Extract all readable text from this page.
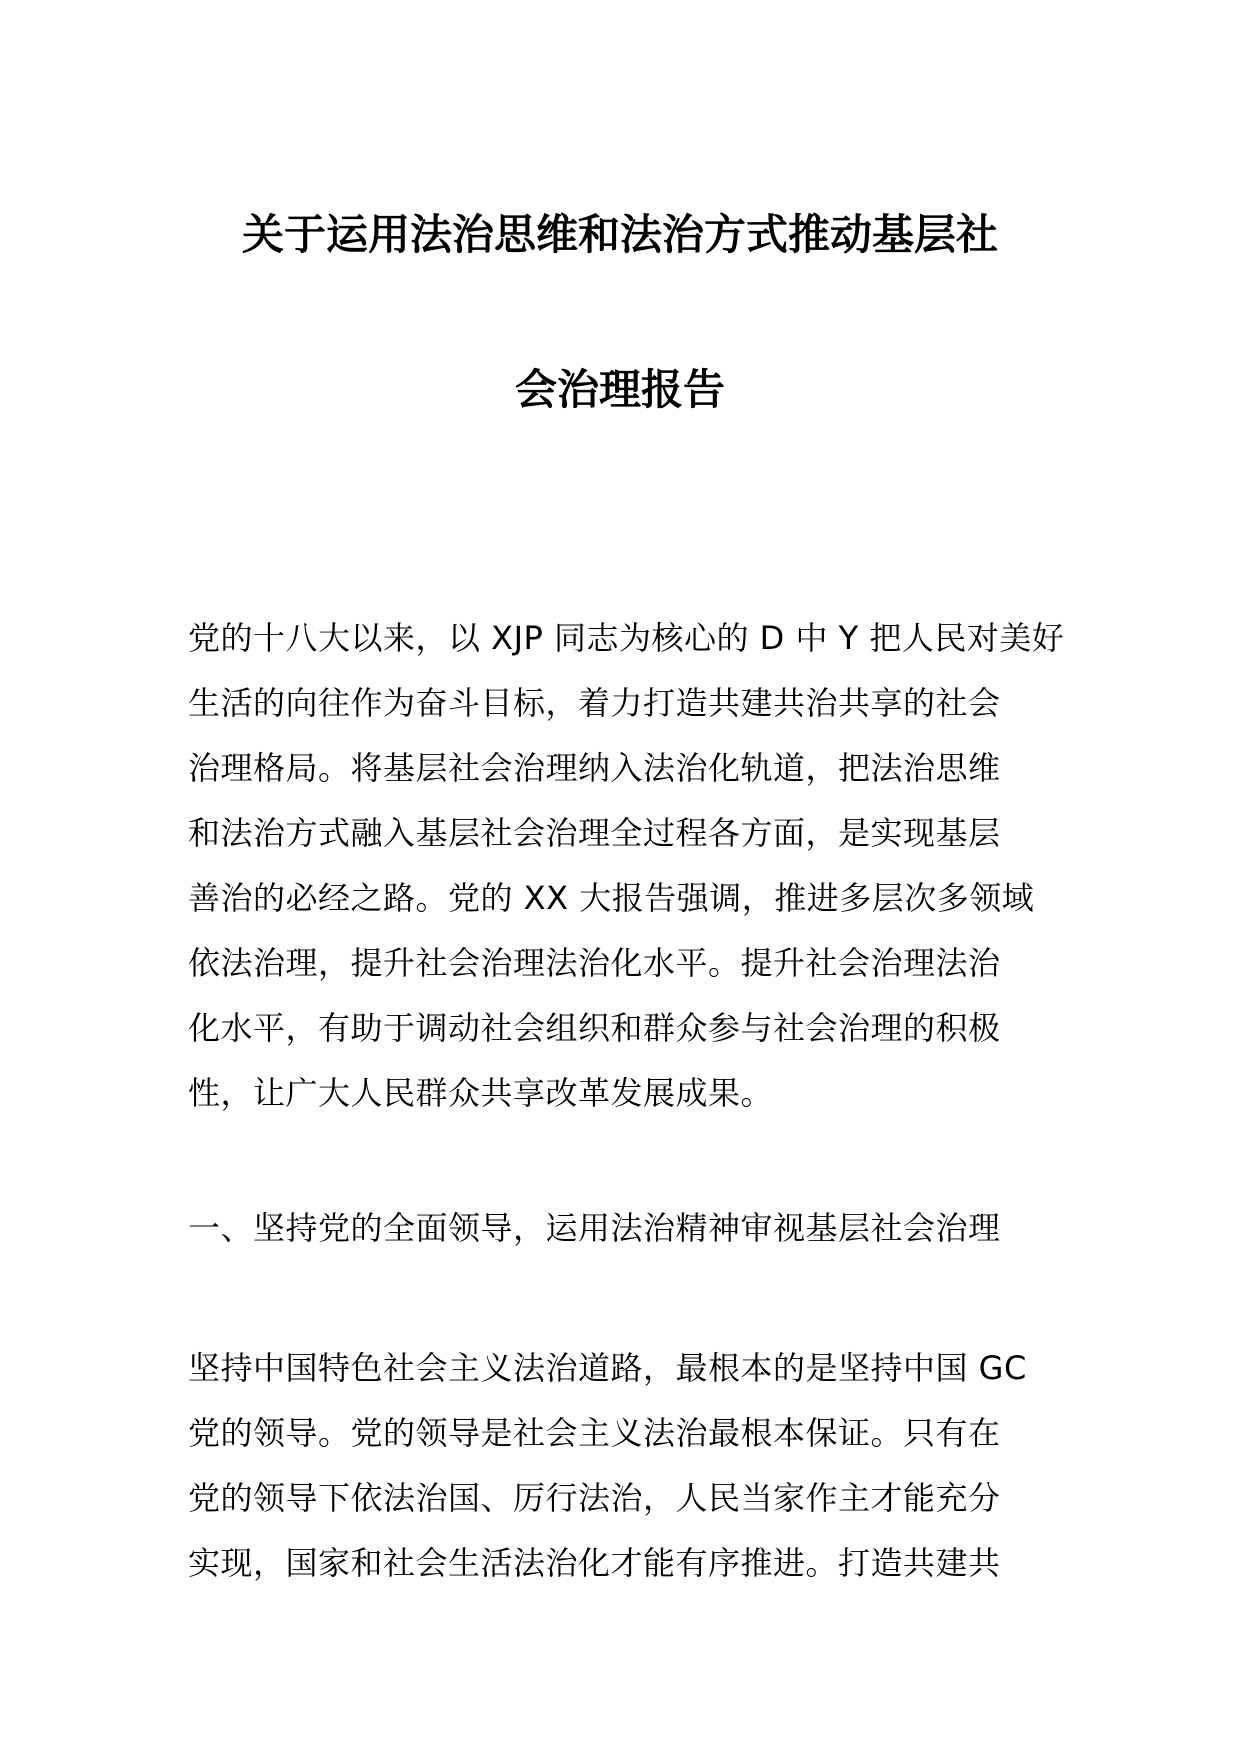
关于运用法治思维和法治方式推动基层社
会治理报告
党的十八大以来，以 XJP 同志为核心的 D 中 Y 把人民对美好
生活的向往作为奋斗目标，着力打造共建共治共享的社会
治理格局。将基层社会治理纳入法治化轨道，把法治思维
和法治方式融入基层社会治理全过程各方面，是实现基层
善治的必经之路。党的 XX 大报告强调，推进多层次多领域
依法治理，提升社会治理法治化水平。提升社会治理法治
化水平，有助于调动社会组织和群众参与社会治理的积极
性，让广大人民群众共享改革发展成果。
一、坚持党的全面领导，运用法治精神审视基层社会治理
坚持中国特色社会主义法治道路，最根本的是坚持中国 GC
党的领导。党的领导是社会主义法治最根本保证。只有在
党的领导下依法治国、厉行法治，人民当家作主才能充分
实现，国家和社会生活法治化才能有序推进。打造共建共
